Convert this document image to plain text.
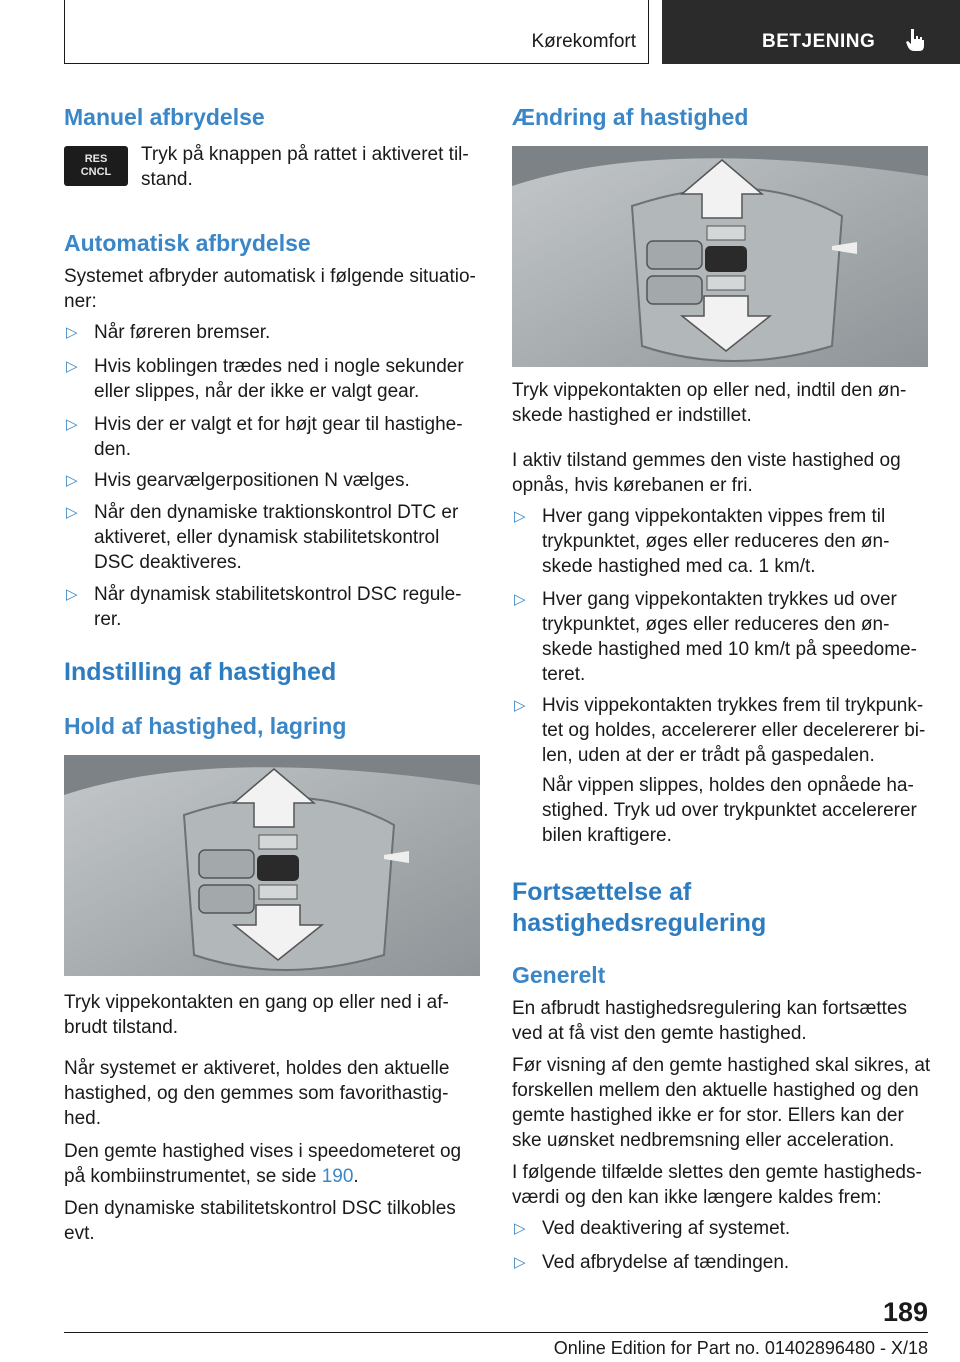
Kørekomfort	BETJENING
Manuel afbrydelse
RES
CNCL

Tryk på knappen på rattet i aktiveret til-
stand.

Automatisk afbrydelse

Systemet afbryder automatisk i følgende situatio-
ner:

▷ Når føreren bremser.
▷ Hvis koblingen trædes ned i nogle sekunder
eller slippes, når der ikke er valgt gear.
▷ Hvis der er valgt et for højt gear til hastighe-
den.
▷ Hvis gearvælgerpositionen N vælges.
▷ Når den dynamiske traktionskontrol DTC er
aktiveret, eller dynamisk stabilitetskontrol
DSC deaktiveres.
▷ Når dynamisk stabilitetskontrol DSC regule-
rer.
Indstilling af hastighed
Hold af hastighed, lagring

Tryk vippekontakten en gang op eller ned i af-
brudt tilstand.

Når systemet er aktiveret, holdes den aktuelle
hastighed, og den gemmes som favorithastig-
hed.

Den gemte hastighed vises i speedometeret og
på kombiinstrumentet, se side 190.

Den dynamiske stabilitetskontrol DSC tilkobles
evt.

Ændring af hastighed

Tryk vippekontakten op eller ned, indtil den øn-
skede hastighed er indstillet.

I aktiv tilstand gemmes den viste hastighed og
opnås, hvis kørebanen er fri.

▷ Hver gang vippekontakten vippes frem til
trykpunktet, øges eller reduceres den øn-
skede hastighed med ca. 1 km/t.
▷ Hver gang vippekontakten trykkes ud over
trykpunktet, øges eller reduceres den øn-
skede hastighed med 10 km/t på speedome-
teret.
▷ Hvis vippekontakten trykkes frem til trykpunk-
tet og holdes, accelererer eller decelererer bi-
len, uden at der er trådt på gaspedalen.

Når vippen slippes, holdes den opnåede ha-
stighed. Tryk ud over trykpunktet accelererer
bilen kraftigere.

Fortsættelse af
hastighedsregulering
Generelt

En afbrudt hastighedsregulering kan fortsættes
ved at få vist den gemte hastighed.

Før visning af den gemte hastighed skal sikres, at
forskellen mellem den aktuelle hastighed og den
gemte hastighed ikke er for stor. Ellers kan der
ske uønsket nedbremsning eller acceleration.

I følgende tilfælde slettes den gemte hastigheds-
værdi og den kan ikke længere kaldes frem:

▷ Ved deaktivering af systemet.
▷ Ved afbrydelse af tændingen.
189
Online Edition for Part no. 01402896480 - X/18
